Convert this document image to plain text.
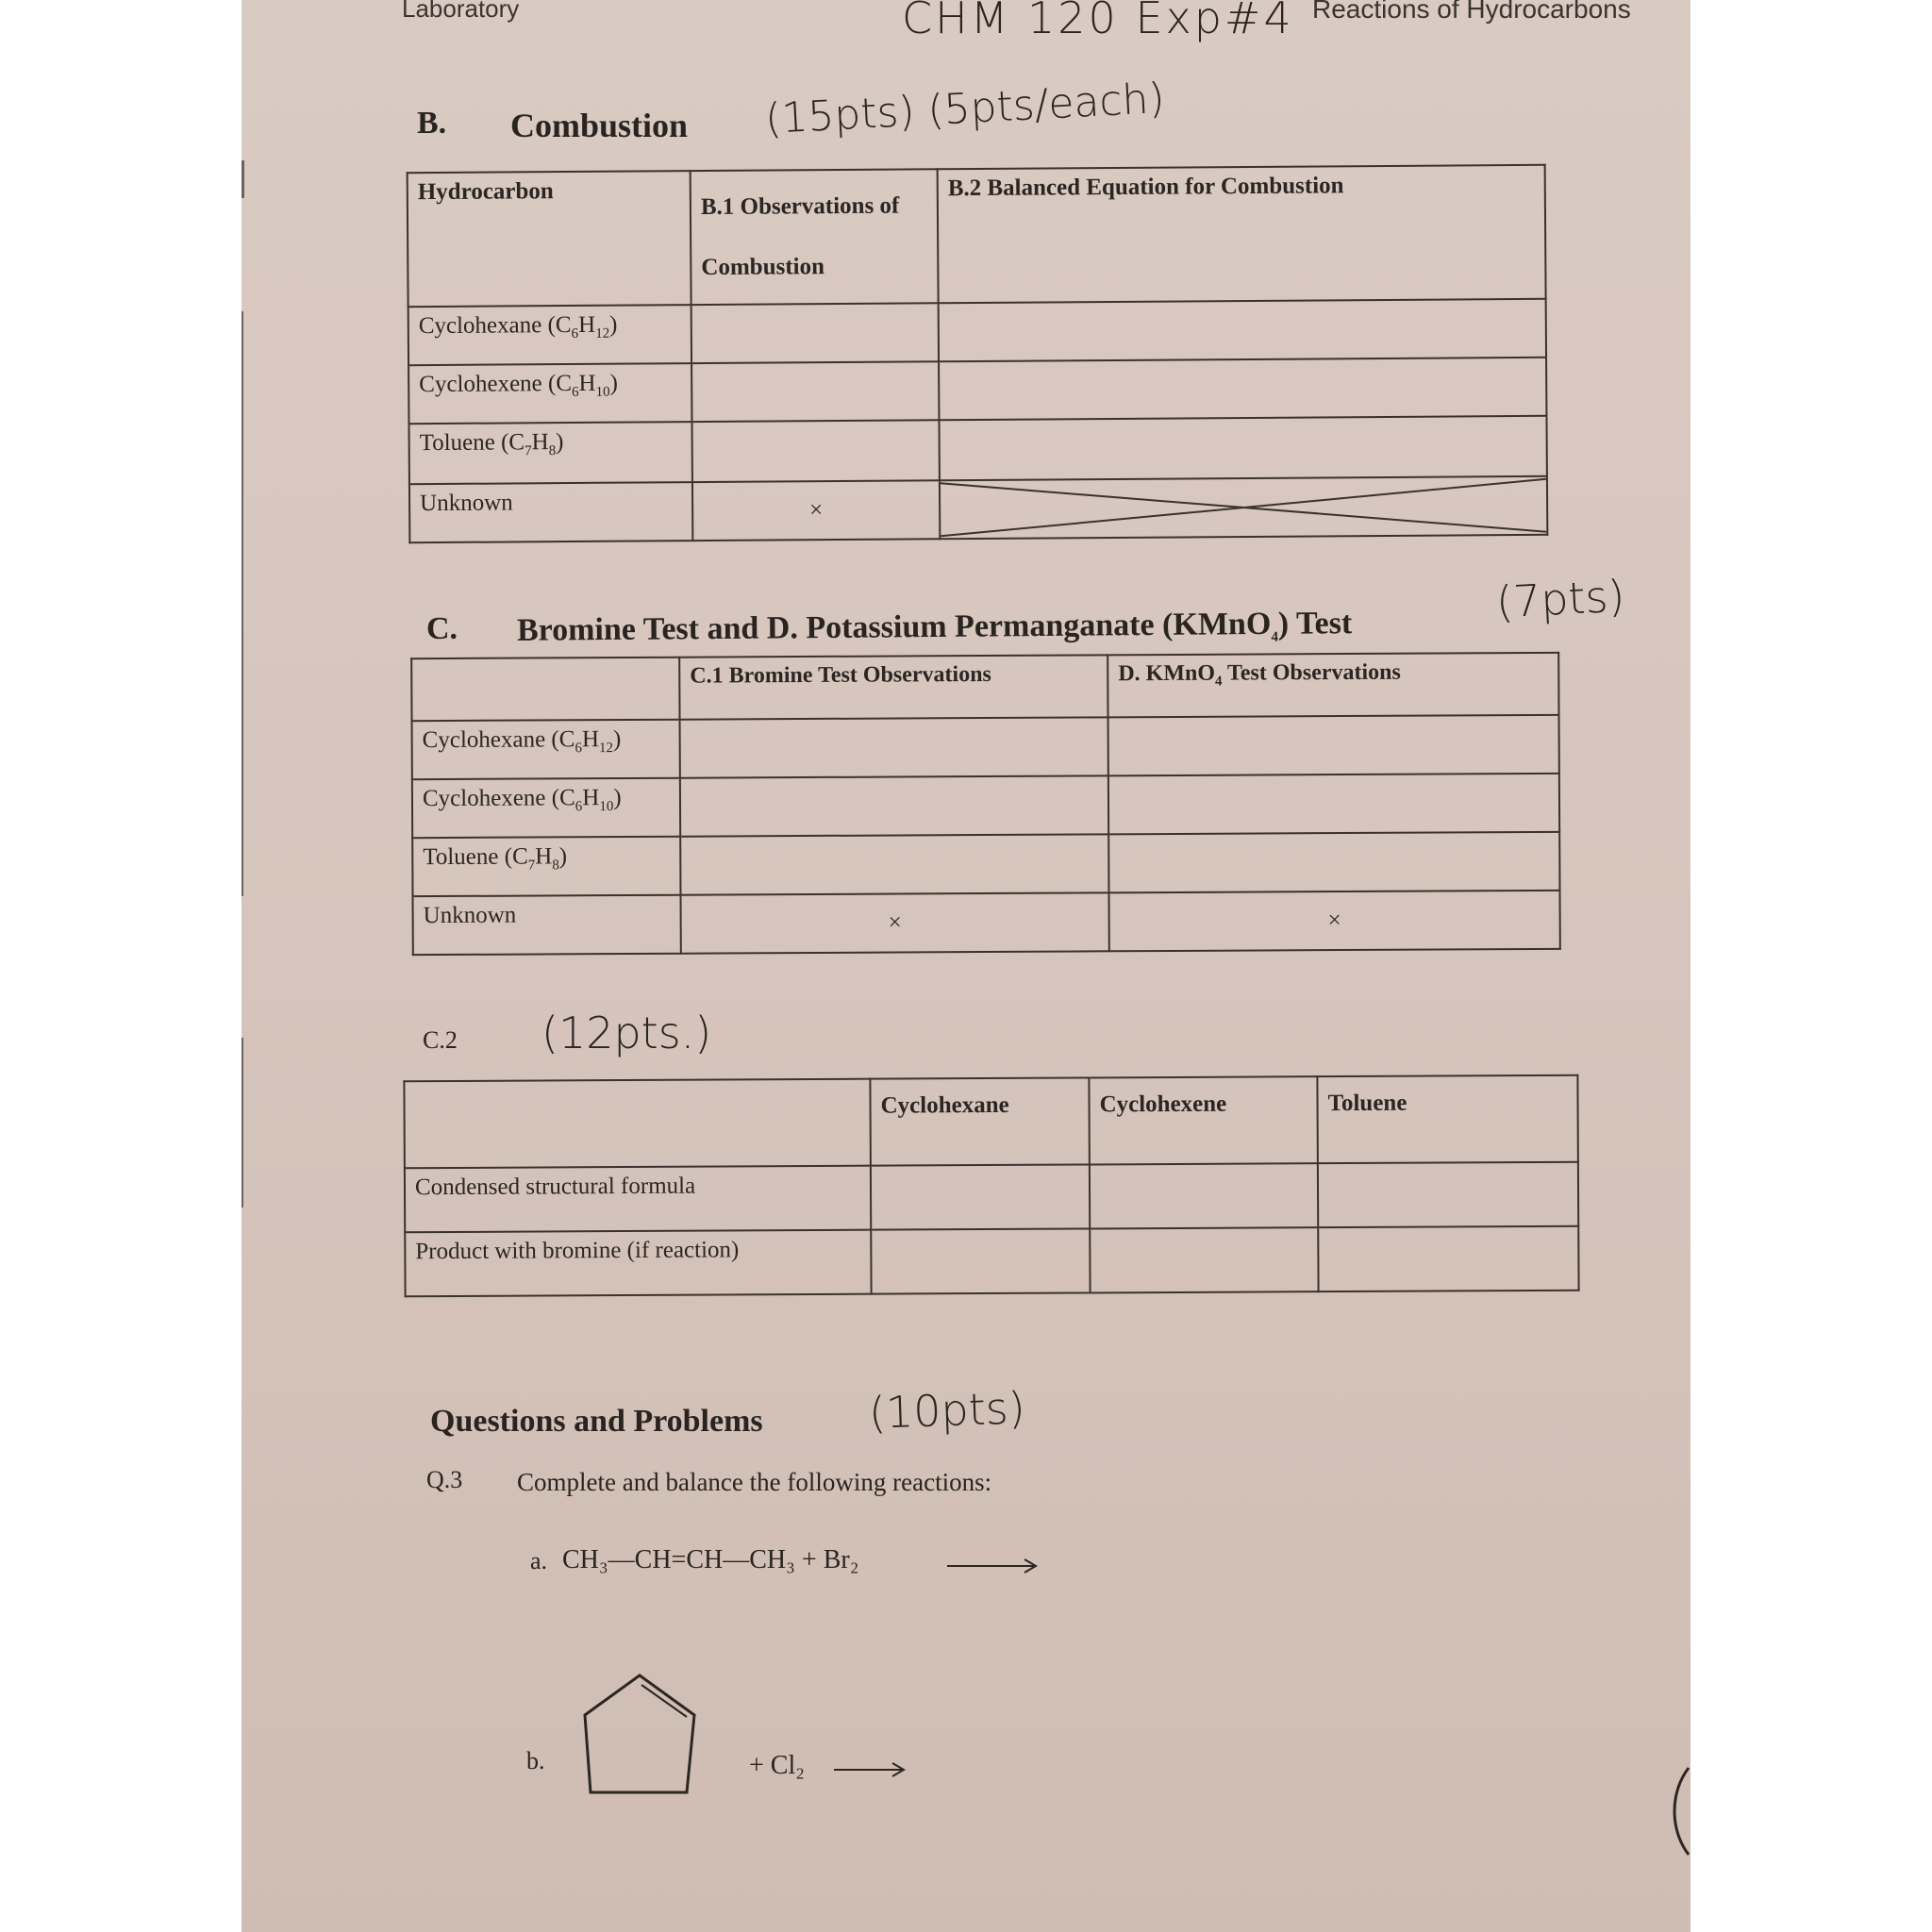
Laboratory	CHM 120 Exp#4 Reactions of Hydrocarbons
B. Combustion (15pts) (5pts/each)
Hydrocarbon	B.1 Observations of Combustion	B.2 Balanced Equation for Combustion
Cyclohexane $(C_6H_{12})$		
Cyclohexene $(C_6H_{10})$		
Toluene $(C_7H_8)$		
Unknown	×	
C. Bromine Test and D. Potassium Permanganate (KMnO$_4$) Test	(7pts)
	C.1 Bromine Test Observations	D. KMnO$_4$ Test Observations
Cyclohexane $(C_6H_{12})$		
Cyclohexene $(C_6H_{10})$		
Toluene $(C_7H_8)$		
Unknown	×	×
C.2 (12pts.)
	Cyclohexane	Cyclohexene	Toluene
Condensed structural formula			
Product with bromine (if reaction)			
Questions and Problems (10pts)
Q.3 Complete and balance the following reactions:
a. CH₃—CH=CH—CH₃ + Br₂
b.	+ Cl₂
